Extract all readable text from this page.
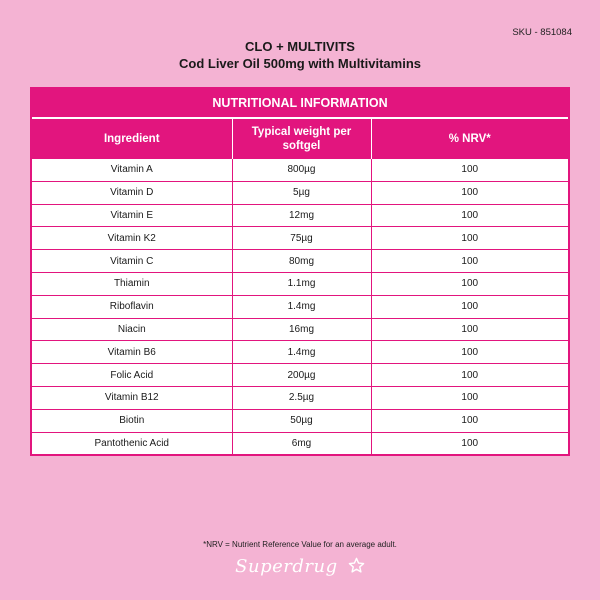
SKU - 851084
CLO + MULTIVITS
Cod Liver Oil 500mg with Multivitamins
NUTRITIONAL INFORMATION
Ingredient	Typical weight per softgel	% NRV*
Vitamin A	800µg	100
Vitamin D	5µg	100
Vitamin E	12mg	100
Vitamin K2	75µg	100
Vitamin C	80mg	100
Thiamin	1.1mg	100
Riboflavin	1.4mg	100
Niacin	16mg	100
Vitamin B6	1.4mg	100
Folic Acid	200µg	100
Vitamin B12	2.5µg	100
Biotin	50µg	100
Pantothenic Acid	6mg	100
*NRV = Nutrient Reference Value for an average adult.
Superdrug
